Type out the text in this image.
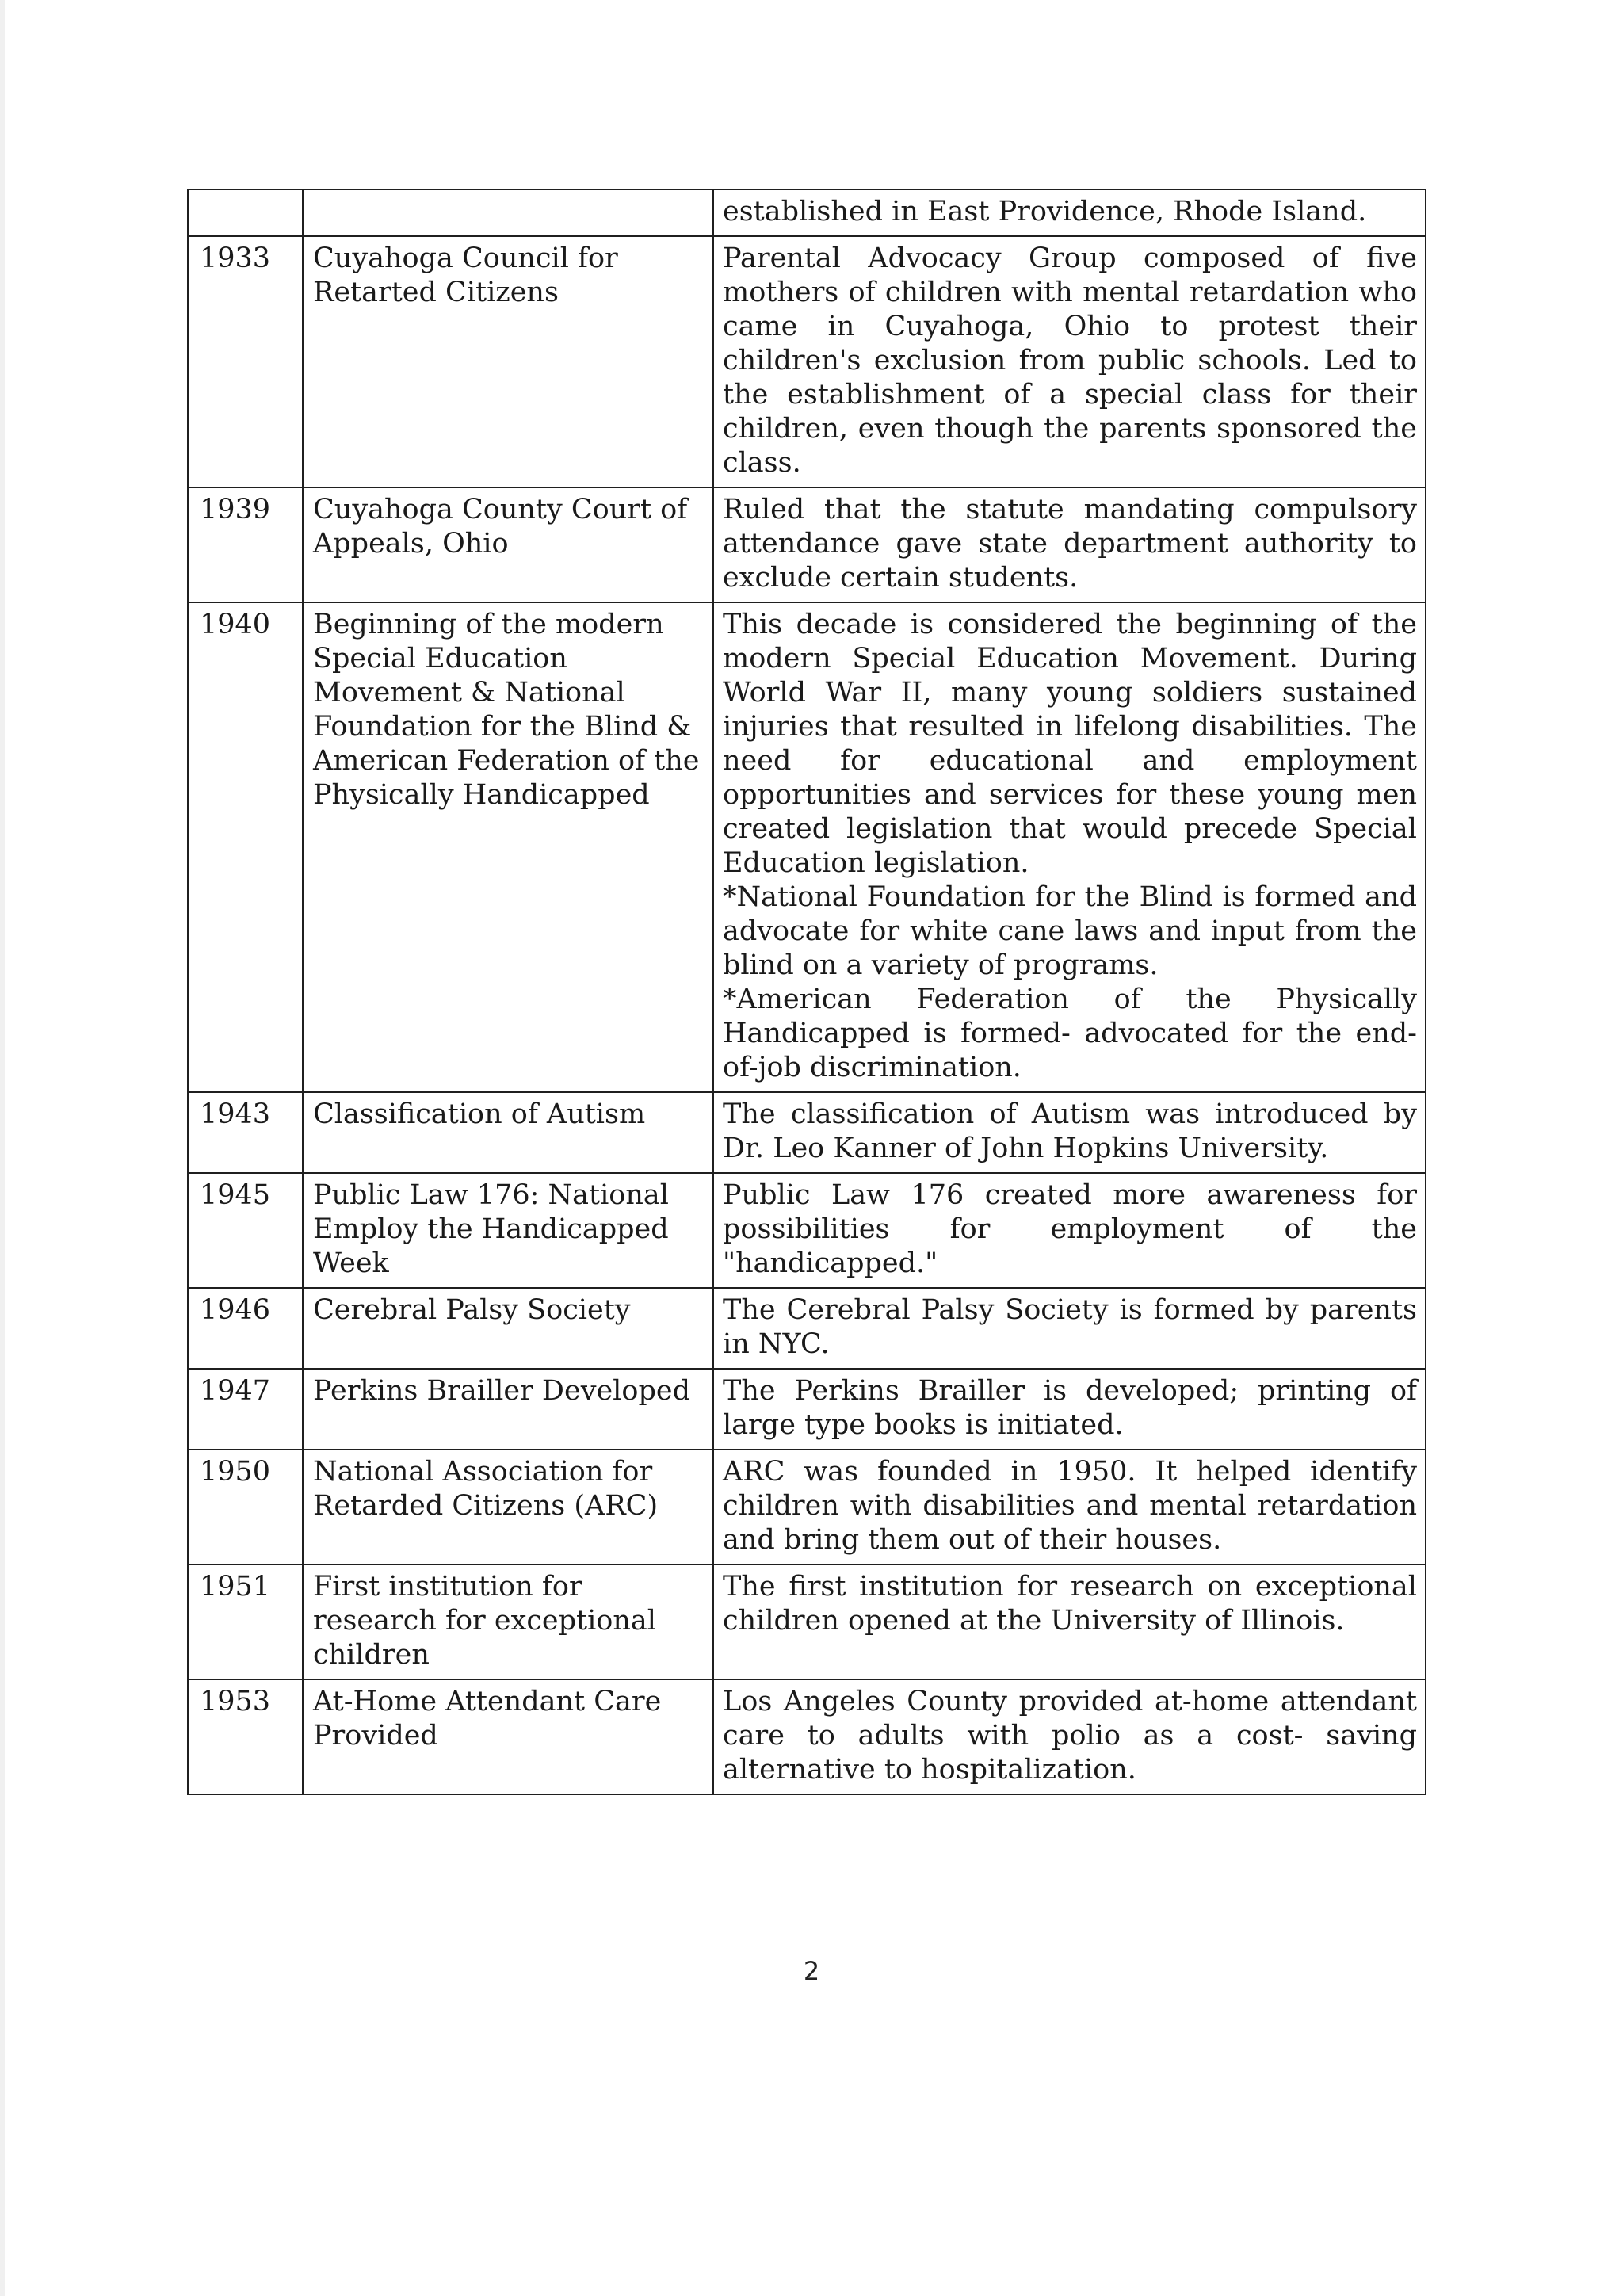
		established in East Providence, Rhode Island.
1933	Cuyahoga Council for Retarted Citizens	Parental Advocacy Group composed of five mothers of children with mental retardation who came in Cuyahoga, Ohio to protest their children's exclusion from public schools. Led to the establishment of a special class for their children, even though the parents sponsored the class.
1939	Cuyahoga County Court of Appeals, Ohio	Ruled that the statute mandating compulsory attendance gave state department authority to exclude certain students.
1940	Beginning of the modern Special Education Movement & National Foundation for the Blind & American Federation of the Physically Handicapped	This decade is considered the beginning of the modern Special Education Movement. During World War II, many young soldiers sustained injuries that resulted in lifelong disabilities. The need for educational and employment opportunities and services for these young men created legislation that would precede Special Education legislation.
*National Foundation for the Blind is formed and advocate for white cane laws and input from the blind on a variety of programs.
*American Federation of the Physically Handicapped is formed- advocated for the end-of-job discrimination.

1943	Classification of Autism	The classification of Autism was introduced by Dr. Leo Kanner of John Hopkins University.
1945	Public Law 176: National Employ the Handicapped Week	Public Law 176 created more awareness for possibilities for employment of the "handicapped."
1946	Cerebral Palsy Society	The Cerebral Palsy Society is formed by parents in NYC.
1947	Perkins Brailler Developed	The Perkins Brailler is developed; printing of large type books is initiated.
1950	National Association for Retarded Citizens (ARC)	ARC was founded in 1950. It helped identify children with disabilities and mental retardation and bring them out of their houses.
1951	First institution for research for exceptional children	The first institution for research on exceptional children opened at the University of Illinois.
1953	At-Home Attendant Care Provided	Los Angeles County provided at-home attendant care to adults with polio as a cost- saving alternative to hospitalization.
2
